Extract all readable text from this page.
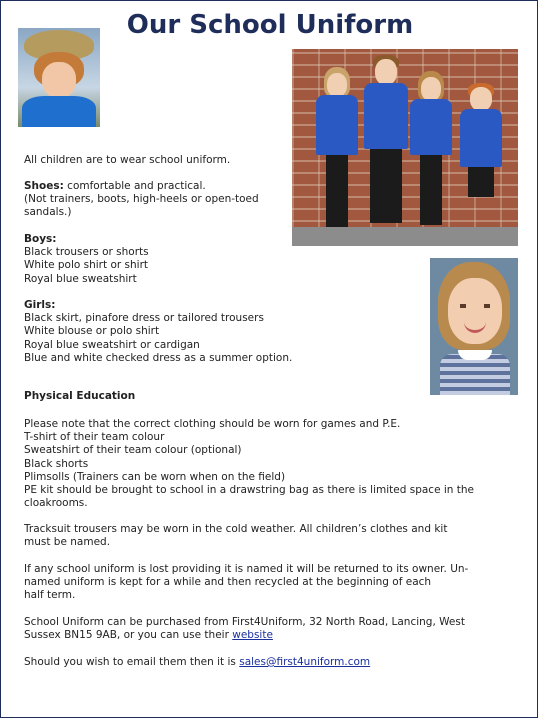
Our School Uniform
All children are to wear school uniform.
Shoes: comfortable and practical.
(Not trainers, boots, high-heels or open-toed
sandals.)
Boys:
Black trousers or shorts
White polo shirt or shirt
Royal blue sweatshirt
Girls:
Black skirt, pinafore dress or tailored trousers
White blouse or polo shirt
Royal blue sweatshirt or cardigan
Blue and white checked dress as a summer option.
Physical Education
Please note that the correct clothing should be worn for games and P.E.
T-shirt of their team colour
Sweatshirt of their team colour (optional)
Black shorts
Plimsolls (Trainers can be worn when on the field)
PE kit should be brought to school in a drawstring bag as there is limited space in the
cloakrooms.
Tracksuit trousers may be worn in the cold weather. All children’s clothes and kit
must be named.
If any school uniform is lost providing it is named it will be returned to its owner. Un-
named uniform is kept for a while and then recycled at the beginning of each
half term.
School Uniform can be purchased from First4Uniform, 32 North Road, Lancing, West
Sussex BN15 9AB, or you can use their website
Should you wish to email them then it is sales@first4uniform.com
